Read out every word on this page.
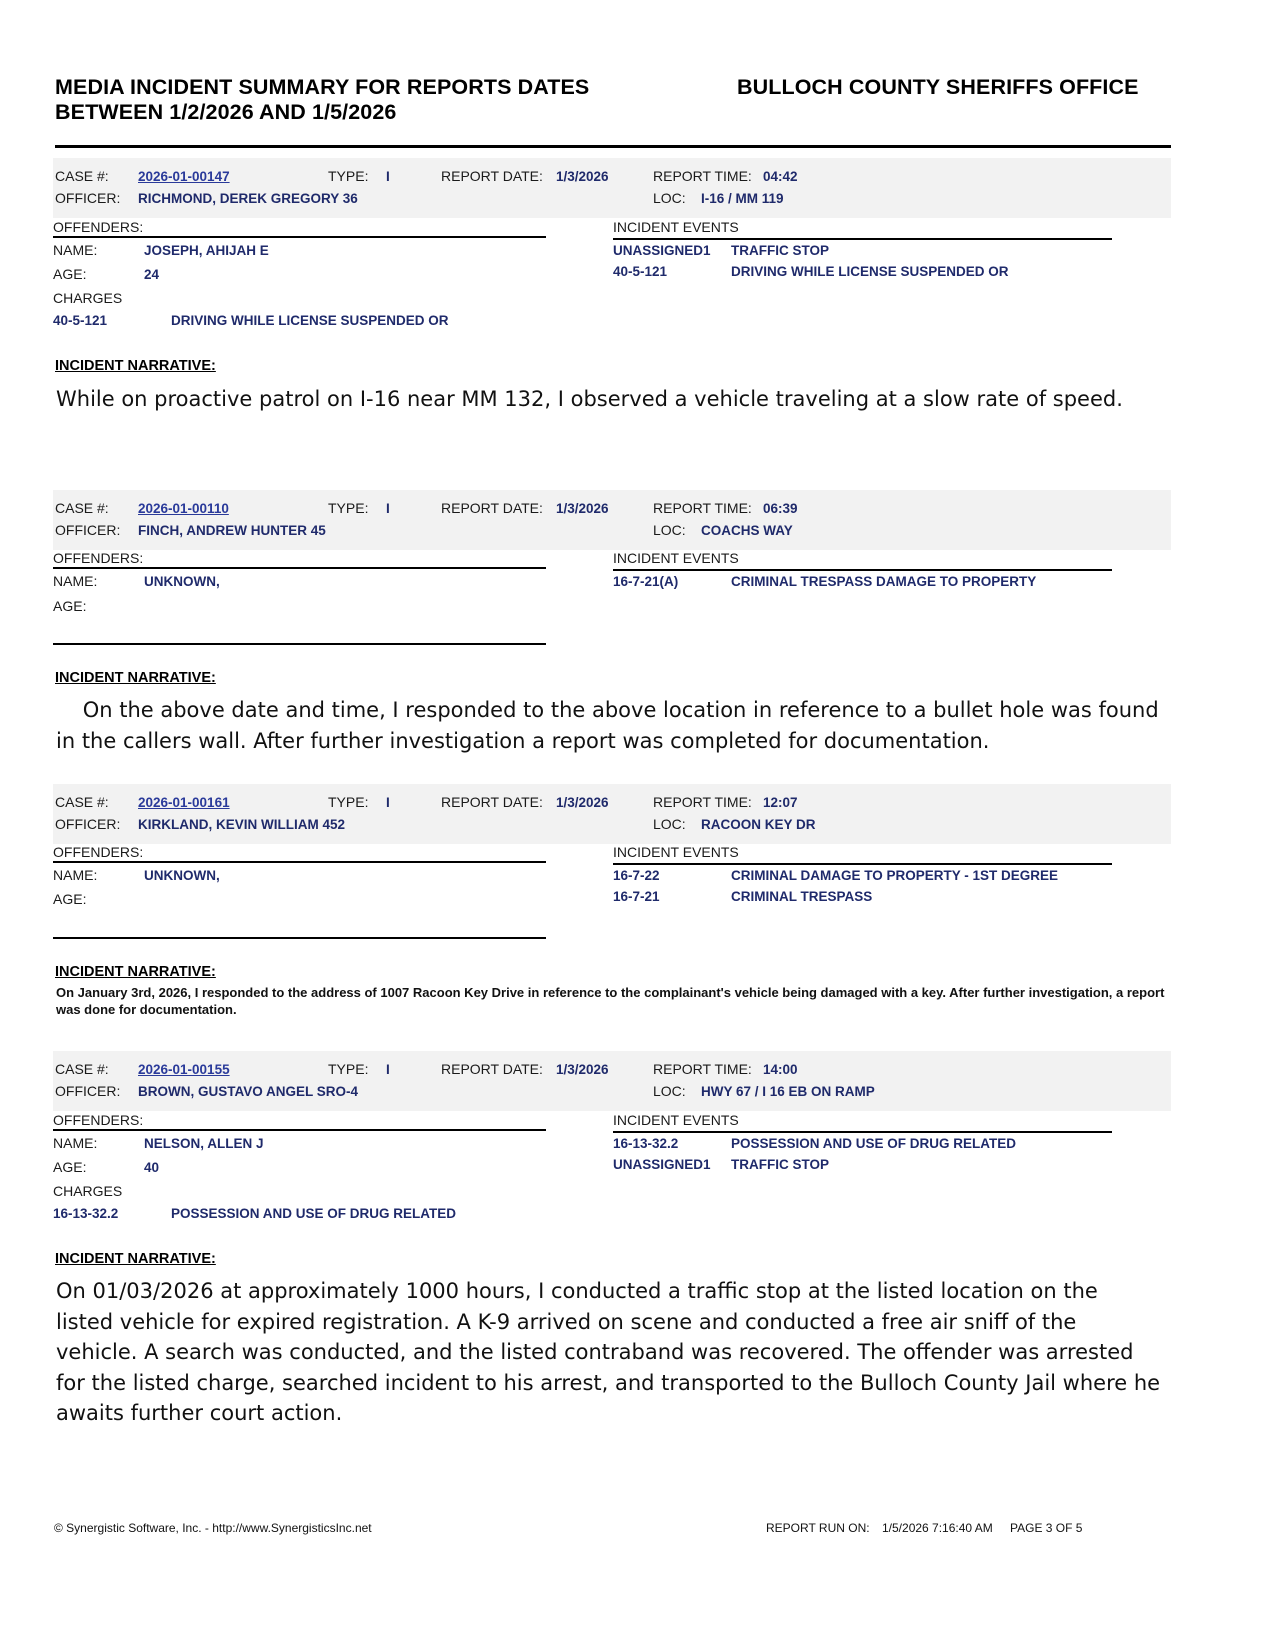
MEDIA INCIDENT SUMMARY FOR REPORTS DATES
BETWEEN 1/2/2026 AND 1/5/2026
BULLOCH COUNTY SHERIFFS OFFICE
CASE #: 2026-01-00147	TYPE: I	REPORT DATE: 1/3/2026	REPORT TIME: 04:42
OFFICER: RICHMOND, DEREK GREGORY 36	LOC: I-16 / MM 119
OFFENDERS:	INCIDENT EVENTS
NAME:	JOSEPH, AHIJAH E
AGE:	24
CHARGES
40-5-121	DRIVING WHILE LICENSE SUSPENDED OR
UNASSIGNED1 TRAFFIC STOP
40-5-121	DRIVING WHILE LICENSE SUSPENDED OR
INCIDENT NARRATIVE:
While on proactive patrol on I-16 near MM 132, I observed a vehicle traveling at a slow rate of speed.
CASE #: 2026-01-00110	TYPE: I	REPORT DATE: 1/3/2026	REPORT TIME: 06:39
OFFICER: FINCH, ANDREW HUNTER 45	LOC: COACHS WAY
OFFENDERS:	INCIDENT EVENTS
NAME:	UNKNOWN,
AGE:
16-7-21(A)	CRIMINAL TRESPASS DAMAGE TO PROPERTY
INCIDENT NARRATIVE:
On the above date and time, I responded to the above location in reference to a bullet hole was found in the callers wall. After further investigation a report was completed for documentation.
CASE #: 2026-01-00161	TYPE: I	REPORT DATE: 1/3/2026	REPORT TIME: 12:07
OFFICER: KIRKLAND, KEVIN WILLIAM 452	LOC: RACOON KEY DR
OFFENDERS:	INCIDENT EVENTS
NAME:	UNKNOWN,
AGE:
16-7-22	CRIMINAL DAMAGE TO PROPERTY - 1ST DEGREE
16-7-21	CRIMINAL TRESPASS
INCIDENT NARRATIVE:
On January 3rd, 2026, I responded to the address of 1007 Racoon Key Drive in reference to the complainant's vehicle being damaged with a key. After further investigation, a report was done for documentation.
CASE #: 2026-01-00155	TYPE: I	REPORT DATE: 1/3/2026	REPORT TIME: 14:00
OFFICER: BROWN, GUSTAVO ANGEL SRO-4	LOC: HWY 67 / I 16 EB ON RAMP
OFFENDERS:	INCIDENT EVENTS
NAME:	NELSON, ALLEN J
AGE:	40
CHARGES
16-13-32.2	POSSESSION AND USE OF DRUG RELATED
16-13-32.2	POSSESSION AND USE OF DRUG RELATED
UNASSIGNED1 TRAFFIC STOP
INCIDENT NARRATIVE:
On 01/03/2026 at approximately 1000 hours, I conducted a traffic stop at the listed location on the listed vehicle for expired registration. A K-9 arrived on scene and conducted a free air sniff of the vehicle. A search was conducted, and the listed contraband was recovered. The offender was arrested for the listed charge, searched incident to his arrest, and transported to the Bulloch County Jail where he awaits further court action.
© Synergistic Software, Inc. - http://www.SynergisticsInc.net	REPORT RUN ON: 1/5/2026 7:16:40 AM PAGE 3 OF 5
